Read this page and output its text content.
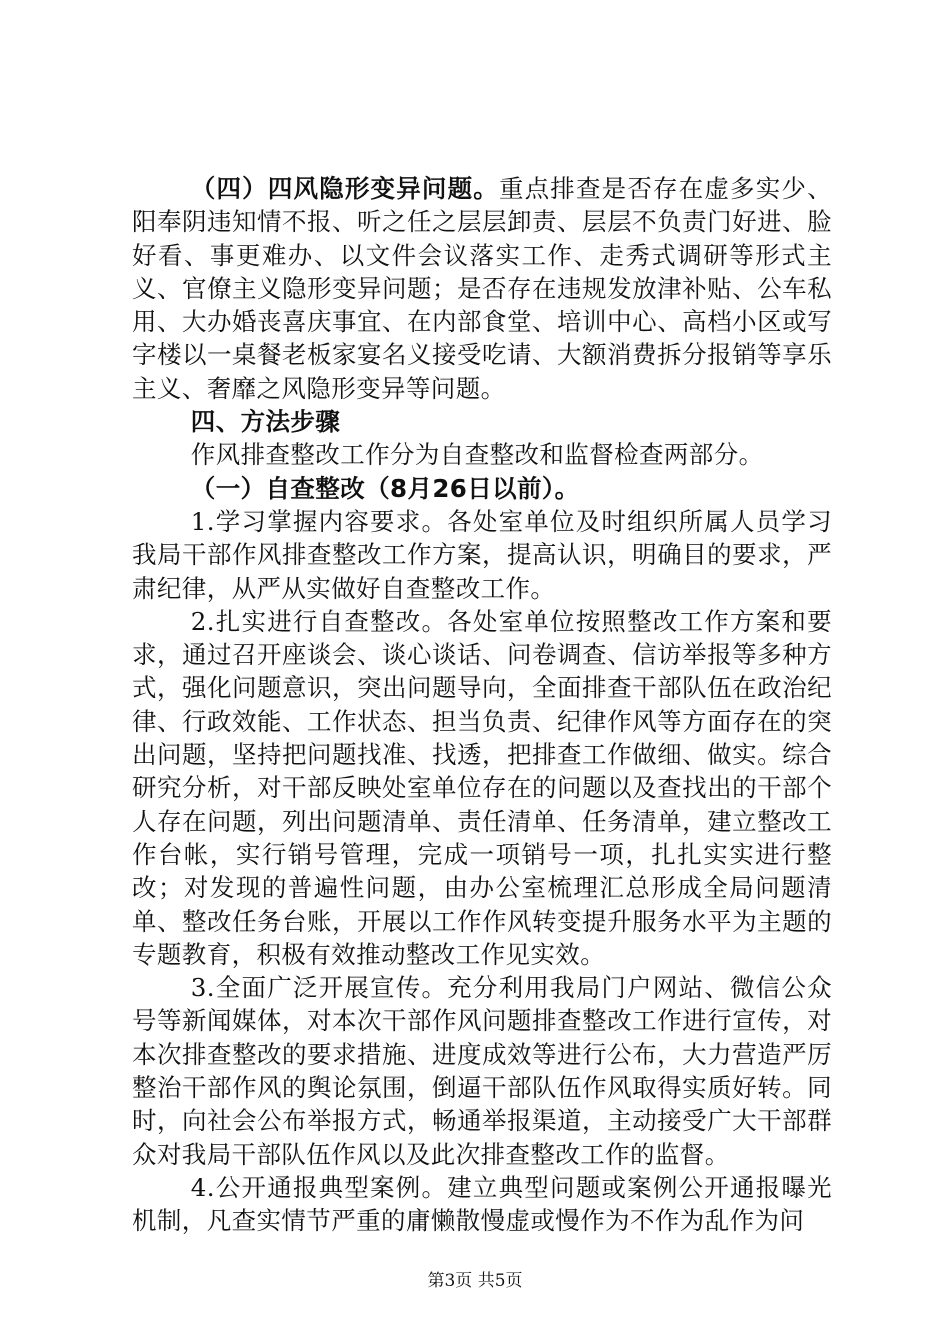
（四）四风隐形变异问题。重点排查是否存在虚多实少、阳奉阴违知情不报、听之任之层层卸责、层层不负责门好进、脸好看、事更难办、以文件会议落实工作、走秀式调研等形式主义、官僚主义隐形变异问题；是否存在违规发放津补贴、公车私用、大办婚丧喜庆事宜、在内部食堂、培训中心、高档小区或写字楼以一桌餐老板家宴名义接受吃请、大额消费拆分报销等享乐主义、奢靡之风隐形变异等问题。

四、方法步骤

作风排查整改工作分为自查整改和监督检查两部分。

（一）自查整改（8月26日以前）。

1.学习掌握内容要求。各处室单位及时组织所属人员学习我局干部作风排查整改工作方案，提高认识，明确目的要求，严肃纪律，从严从实做好自查整改工作。

2.扎实进行自查整改。各处室单位按照整改工作方案和要求，通过召开座谈会、谈心谈话、问卷调查、信访举报等多种方式，强化问题意识，突出问题导向，全面排查干部队伍在政治纪律、行政效能、工作状态、担当负责、纪律作风等方面存在的突出问题，坚持把问题找准、找透，把排查工作做细、做实。综合研究分析，对干部反映处室单位存在的问题以及查找出的干部个人存在问题，列出问题清单、责任清单、任务清单，建立整改工作台帐，实行销号管理，完成一项销号一项，扎扎实实进行整改；对发现的普遍性问题，由办公室梳理汇总形成全局问题清单、整改任务台账，开展以工作作风转变提升服务水平为主题的专题教育，积极有效推动整改工作见实效。

3.全面广泛开展宣传。充分利用我局门户网站、微信公众号等新闻媒体，对本次干部作风问题排查整改工作进行宣传，对本次排查整改的要求措施、进度成效等进行公布，大力营造严厉整治干部作风的舆论氛围，倒逼干部队伍作风取得实质好转。同时，向社会公布举报方式，畅通举报渠道，主动接受广大干部群众对我局干部队伍作风以及此次排查整改工作的监督。

4.公开通报典型案例。建立典型问题或案例公开通报曝光机制，凡查实情节严重的庸懒散慢虚或慢作为不作为乱作为问

第3页 共5页
